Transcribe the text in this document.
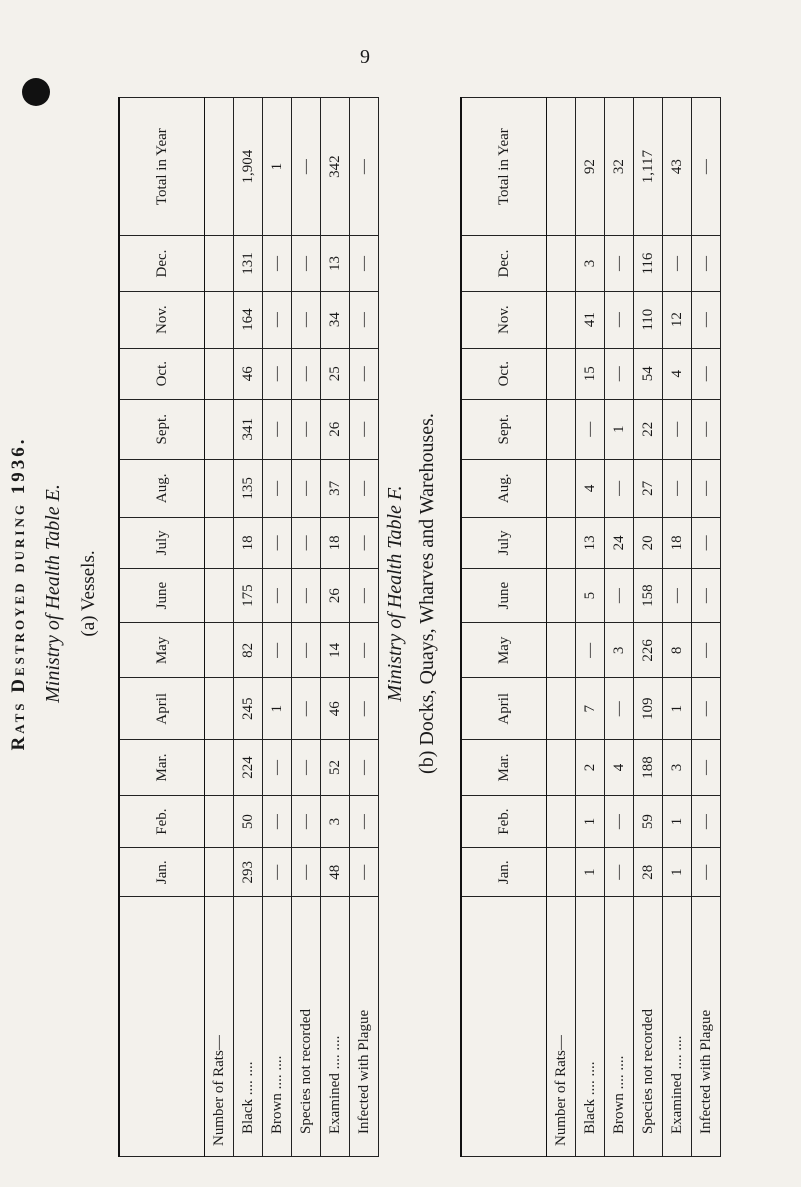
9
Rats Destroyed during 1936. Ministry of Health Table E. (a) Vessels.
	Jan.	Feb.	Mar.	April	May	June	July	Aug.	Sept.	Oct.	Nov.	Dec.	Total in Year
Number of Rats—													
Black .... ....	293	50	224	245	82	175	18	135	341	46	164	131	1,904
Brown .... ....	—	—	—	1	—	—	—	—	—	—	—	—	1
Species not recorded	—	—	—	—	—	—	—	—	—	—	—	—	—
Examined .... ....	48	3	52	46	14	26	18	37	26	25	34	13	342
Infected with Plague	—	—	—	—	—	—	—	—	—	—	—	—	—
Ministry of Health Table F. (b) Docks, Quays, Wharves and Warehouses.
	Jan.	Feb.	Mar.	April	May	June	July	Aug.	Sept.	Oct.	Nov.	Dec.	Total in Year
Number of Rats—													
Black .... ....	1	1	2	7	—	5	13	4	—	15	41	3	92
Brown .... ....	—	—	4	—	3	—	24	—	1	—	—	—	32
Species not recorded	28	59	188	109	226	158	20	27	22	54	110	116	1,117
Examined .... ....	1	1	3	1	8	—	18	—	—	4	12	—	43
Infected with Plague	—	—	—	—	—	—	—	—	—	—	—	—	—
